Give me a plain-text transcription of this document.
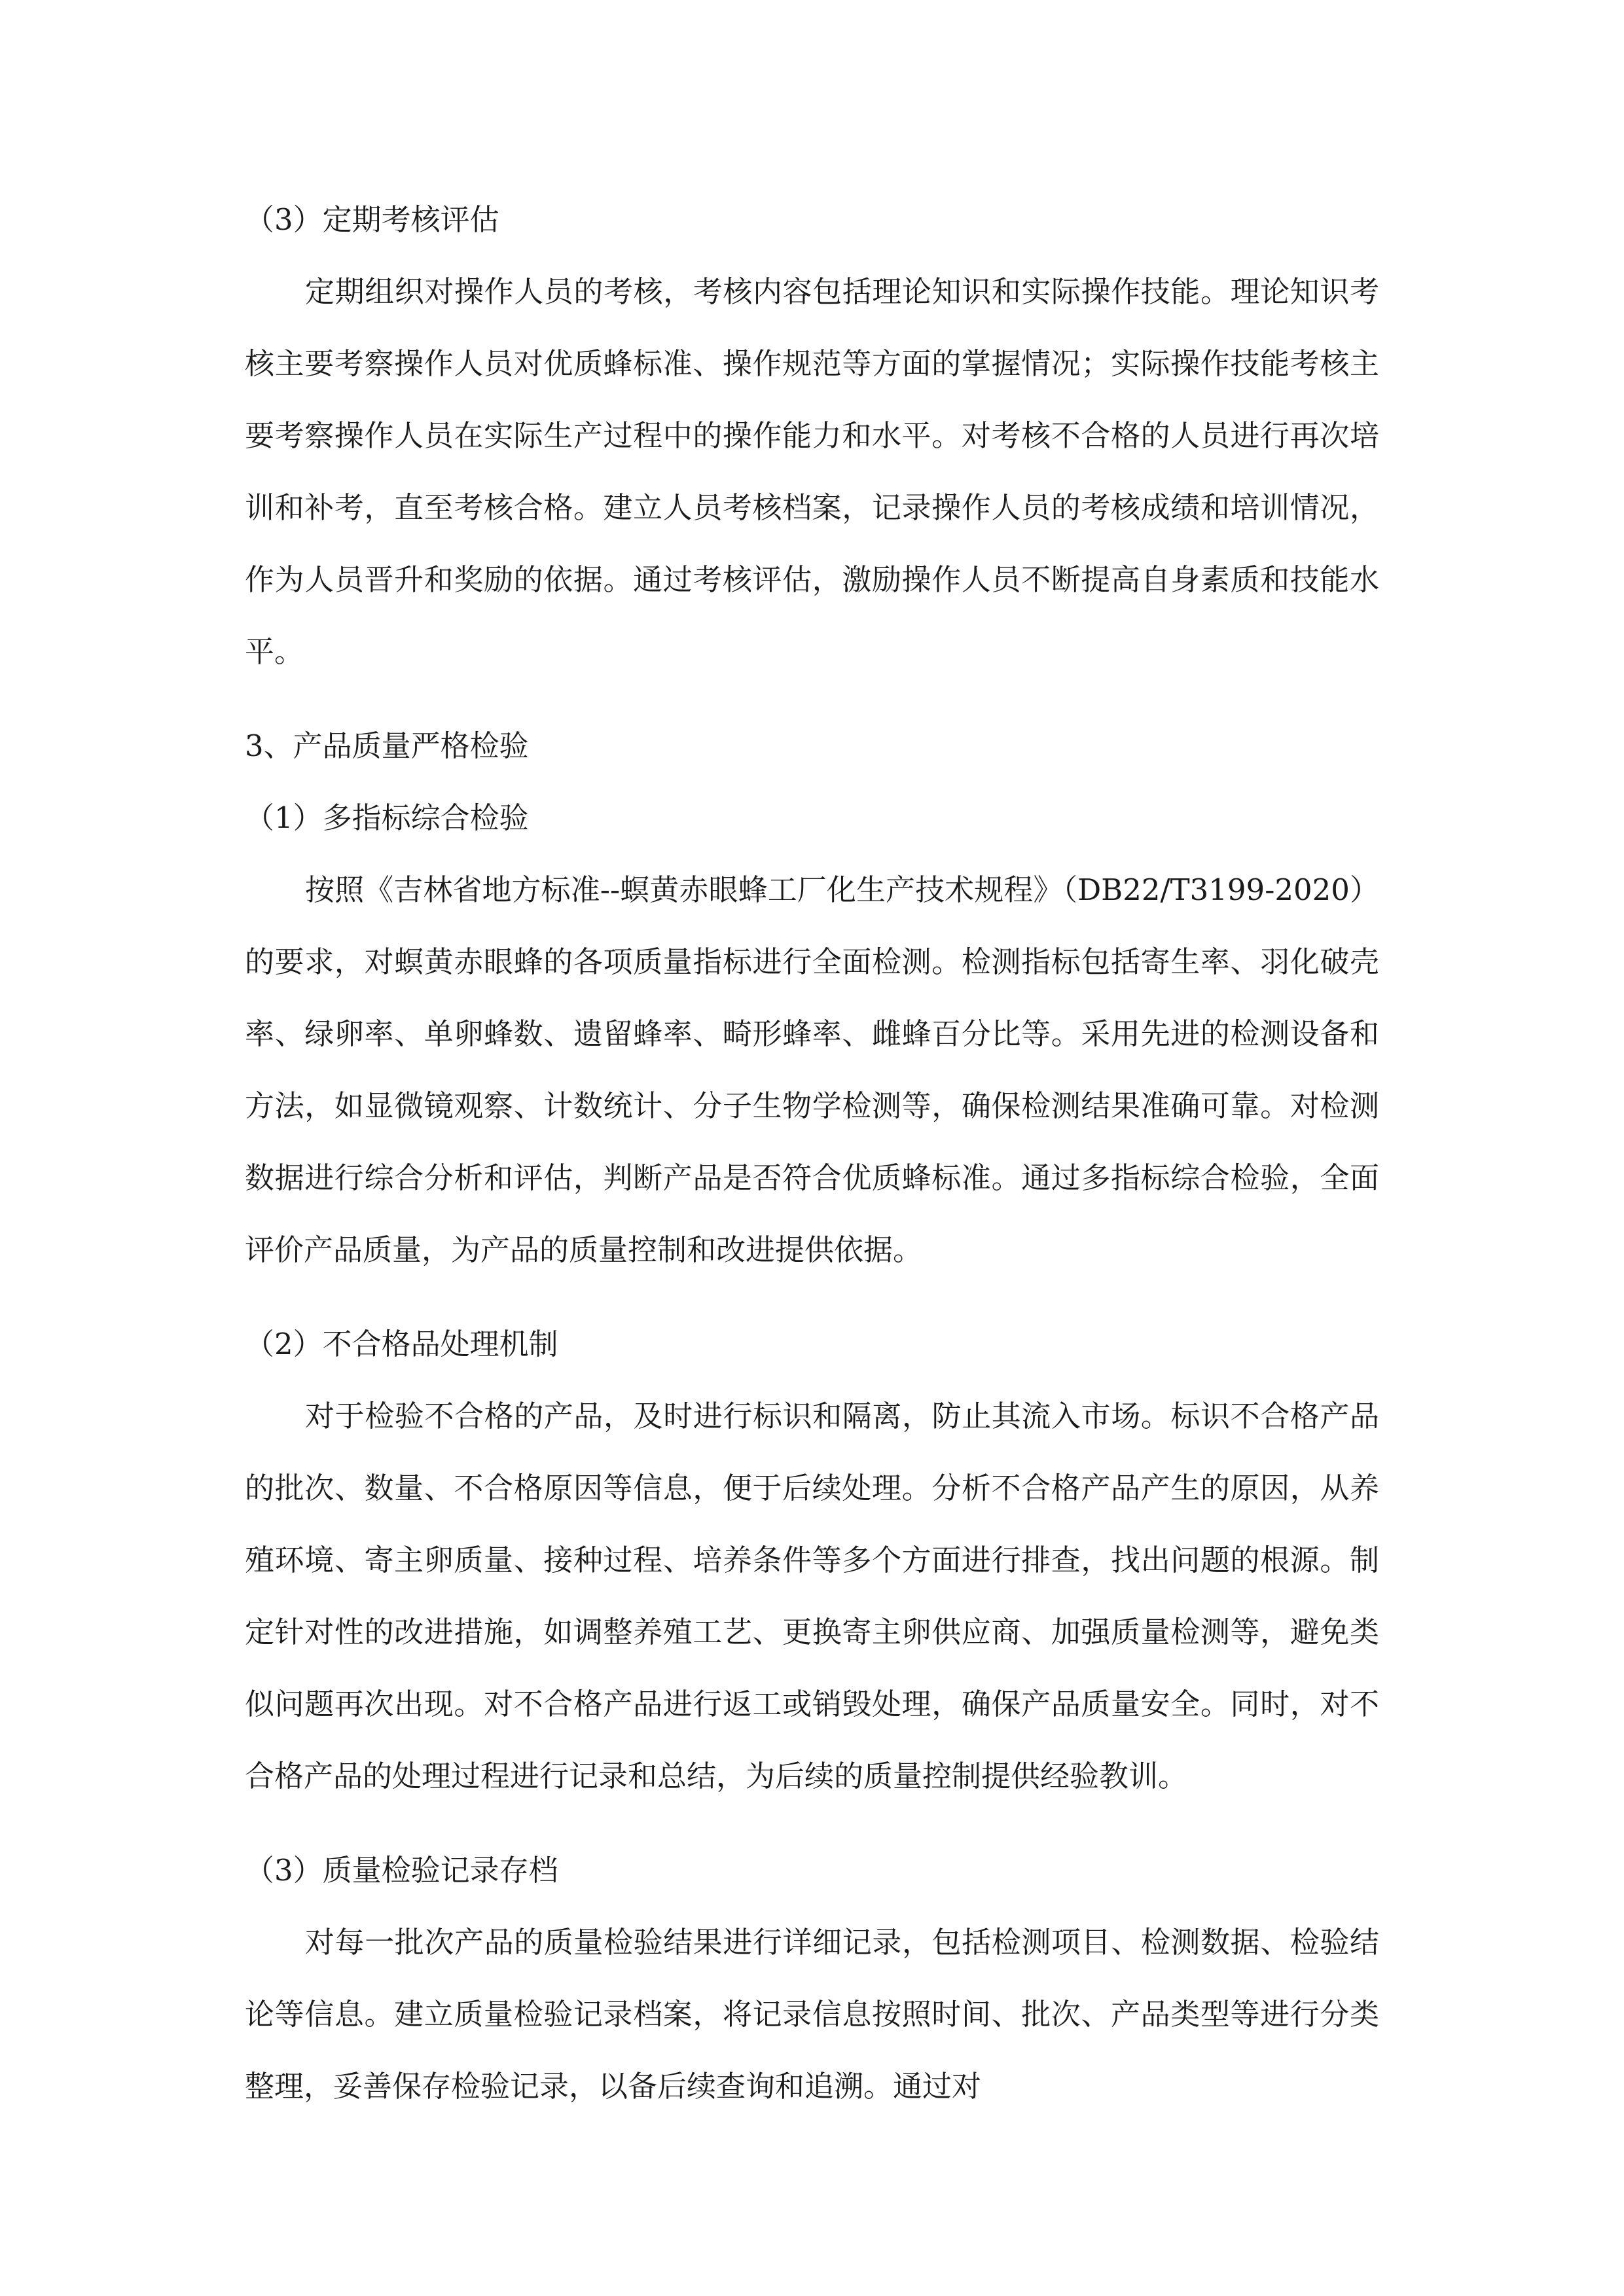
（3）定期考核评估

定期组织对操作人员的考核，考核内容包括理论知识和实际操作技能。理论知识考核主要考察操作人员对优质蜂标准、操作规范等方面的掌握情况；实际操作技能考核主要考察操作人员在实际生产过程中的操作能力和水平。对考核不合格的人员进行再次培训和补考，直至考核合格。建立人员考核档案，记录操作人员的考核成绩和培训情况，作为人员晋升和奖励的依据。通过考核评估，激励操作人员不断提高自身素质和技能水平。

3、产品质量严格检验
（1）多指标综合检验

按照《吉林省地方标准--螟黄赤眼蜂工厂化生产技术规程》（DB22/T3199-2020）的要求，对螟黄赤眼蜂的各项质量指标进行全面检测。检测指标包括寄生率、羽化破壳率、绿卵率、单卵蜂数、遗留蜂率、畸形蜂率、雌蜂百分比等。采用先进的检测设备和方法，如显微镜观察、计数统计、分子生物学检测等，确保检测结果准确可靠。对检测数据进行综合分析和评估，判断产品是否符合优质蜂标准。通过多指标综合检验，全面评价产品质量，为产品的质量控制和改进提供依据。

（2）不合格品处理机制

对于检验不合格的产品，及时进行标识和隔离，防止其流入市场。标识不合格产品的批次、数量、不合格原因等信息，便于后续处理。分析不合格产品产生的原因，从养殖环境、寄主卵质量、接种过程、培养条件等多个方面进行排查，找出问题的根源。制定针对性的改进措施，如调整养殖工艺、更换寄主卵供应商、加强质量检测等，避免类似问题再次出现。对不合格产品进行返工或销毁处理，确保产品质量安全。同时，对不合格产品的处理过程进行记录和总结，为后续的质量控制提供经验教训。

（3）质量检验记录存档

对每一批次产品的质量检验结果进行详细记录，包括检测项目、检测数据、检验结论等信息。建立质量检验记录档案，将记录信息按照时间、批次、产品类型等进行分类整理，妥善保存检验记录，以备后续查询和追溯。通过对
